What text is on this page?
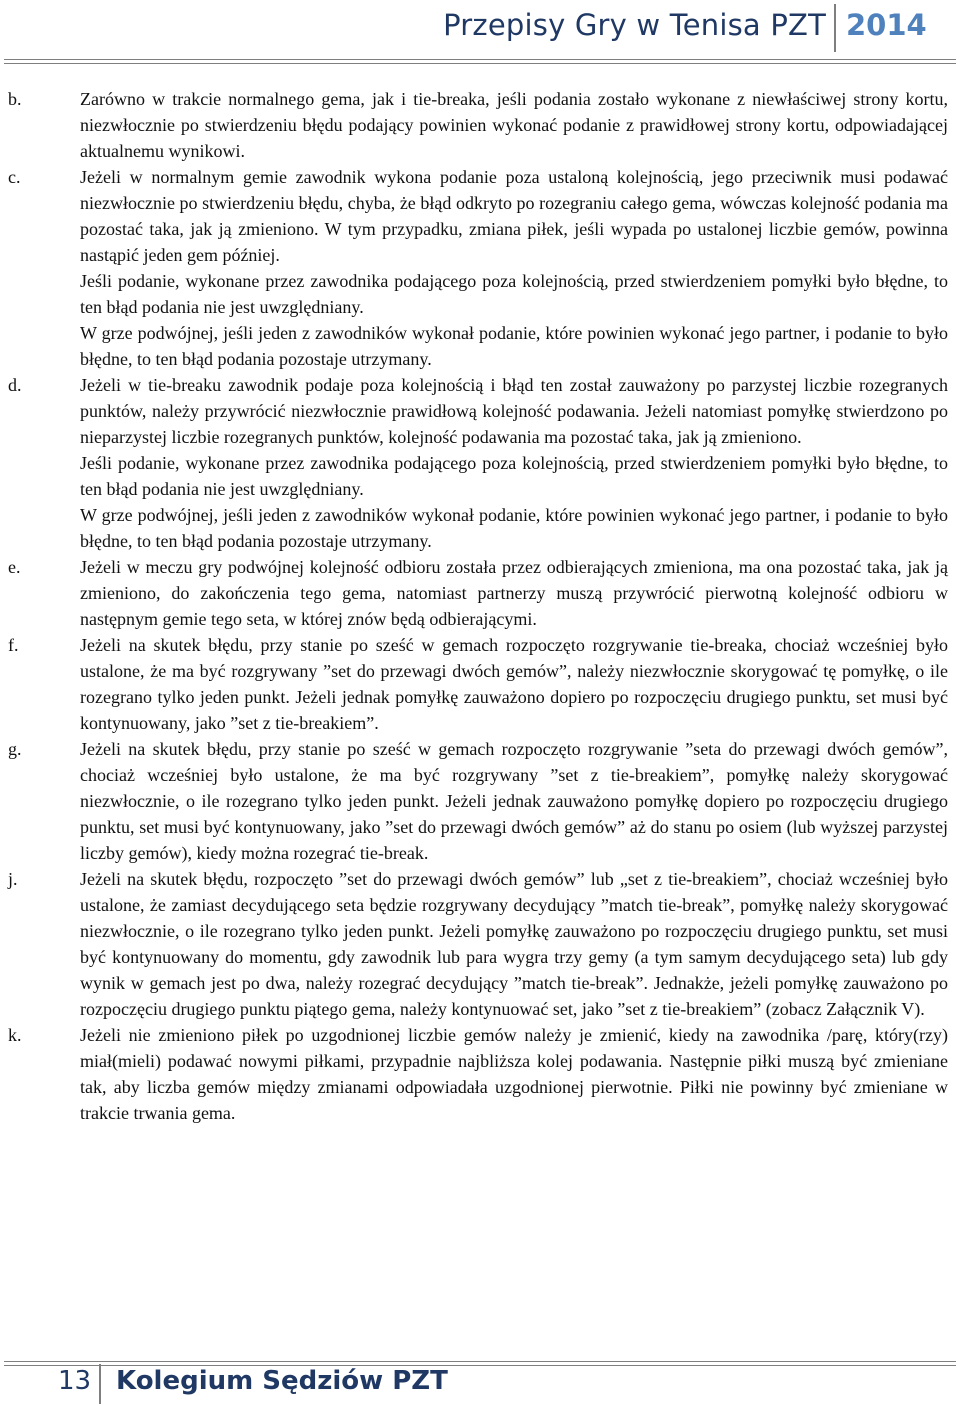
Przepisy Gry w Tenisa PZT 2014
b.	Zarówno w trakcie normalnego gema, jak i tie-breaka, jeśli podania zostało wykonane z niewłaściwej strony kortu, niezwłocznie po stwierdzeniu błędu podający powinien wykonać podanie z prawidłowej strony kortu, odpowiadającej aktualnemu wynikowi.

c.	Jeżeli w normalnym gemie zawodnik wykona podanie poza ustaloną kolejnością, jego przeciwnik musi podawać niezwłocznie po stwierdzeniu błędu, chyba, że błąd odkryto po rozegraniu całego gema, wówczas kolejność podania ma pozostać taka, jak ją zmieniono. W tym przypadku, zmiana piłek, jeśli wypada po ustalonej liczbie gemów, powinna nastąpić jeden gem później.

Jeśli podanie, wykonane przez zawodnika podającego poza kolejnością, przed stwierdzeniem pomyłki było błędne, to ten błąd podania nie jest uwzględniany.

W grze podwójnej, jeśli jeden z zawodników wykonał podanie, które powinien wykonać jego partner, i podanie to było błędne, to ten błąd podania pozostaje utrzymany.

d.	Jeżeli w tie-breaku zawodnik podaje poza kolejnością i błąd ten został zauważony po parzystej liczbie rozegranych punktów, należy przywrócić niezwłocznie prawidłową kolejność podawania. Jeżeli natomiast pomyłkę stwierdzono po nieparzystej liczbie rozegranych punktów, kolejność podawania ma pozostać taka, jak ją zmieniono.

Jeśli podanie, wykonane przez zawodnika podającego poza kolejnością, przed stwierdzeniem pomyłki było błędne, to ten błąd podania nie jest uwzględniany.

W grze podwójnej, jeśli jeden z zawodników wykonał podanie, które powinien wykonać jego partner, i podanie to było błędne, to ten błąd podania pozostaje utrzymany.

e.	Jeżeli w meczu gry podwójnej kolejność odbioru została przez odbierających zmieniona, ma ona pozostać taka, jak ją zmieniono, do zakończenia tego gema, natomiast partnerzy muszą przywrócić pierwotną kolejność odbioru w następnym gemie tego seta, w której znów będą odbierającymi.

f.	Jeżeli na skutek błędu, przy stanie po sześć w gemach rozpoczęto rozgrywanie tie-breaka, chociaż wcześniej było ustalone, że ma być rozgrywany ”set do przewagi dwóch gemów”, należy niezwłocznie skorygować tę pomyłkę, o ile rozegrano tylko jeden punkt. Jeżeli jednak pomyłkę zauważono dopiero po rozpoczęciu drugiego punktu, set musi być kontynuowany, jako ”set z tie-breakiem”.

g.	Jeżeli na skutek błędu, przy stanie po sześć w gemach rozpoczęto rozgrywanie ”seta do przewagi dwóch gemów”, chociaż wcześniej było ustalone, że ma być rozgrywany ”set z tie-breakiem”, pomyłkę należy skorygować niezwłocznie, o ile rozegrano tylko jeden punkt. Jeżeli jednak zauważono pomyłkę dopiero po rozpoczęciu drugiego punktu, set musi być kontynuowany, jako ”set do przewagi dwóch gemów” aż do stanu po osiem (lub wyższej parzystej liczby gemów), kiedy można rozegrać tie-break.

j.	Jeżeli na skutek błędu, rozpoczęto ”set do przewagi dwóch gemów” lub „set z tie-breakiem”, chociaż wcześniej było ustalone, że zamiast decydującego seta będzie rozgrywany decydujący ”match tie-break”, pomyłkę należy skorygować niezwłocznie, o ile rozegrano tylko jeden punkt. Jeżeli pomyłkę zauważono po rozpoczęciu drugiego punktu, set musi być kontynuowany do momentu, gdy zawodnik lub para wygra trzy gemy (a tym samym decydującego seta) lub gdy wynik w gemach jest po dwa, należy rozegrać decydujący ”match tie-break”. Jednakże, jeżeli pomyłkę zauważono po rozpoczęciu drugiego punktu piątego gema, należy kontynuować set, jako ”set z tie-breakiem” (zobacz Załącznik V).

k.	Jeżeli nie zmieniono piłek po uzgodnionej liczbie gemów należy je zmienić, kiedy na zawodnika /parę, który(rzy) miał(mieli) podawać nowymi piłkami, przypadnie najbliższa kolej podawania. Następnie piłki muszą być zmieniane tak, aby liczba gemów między zmianami odpowiadała uzgodnionej pierwotnie. Piłki nie powinny być zmieniane w trakcie trwania gema.

13 Kolegium Sędziów PZT
